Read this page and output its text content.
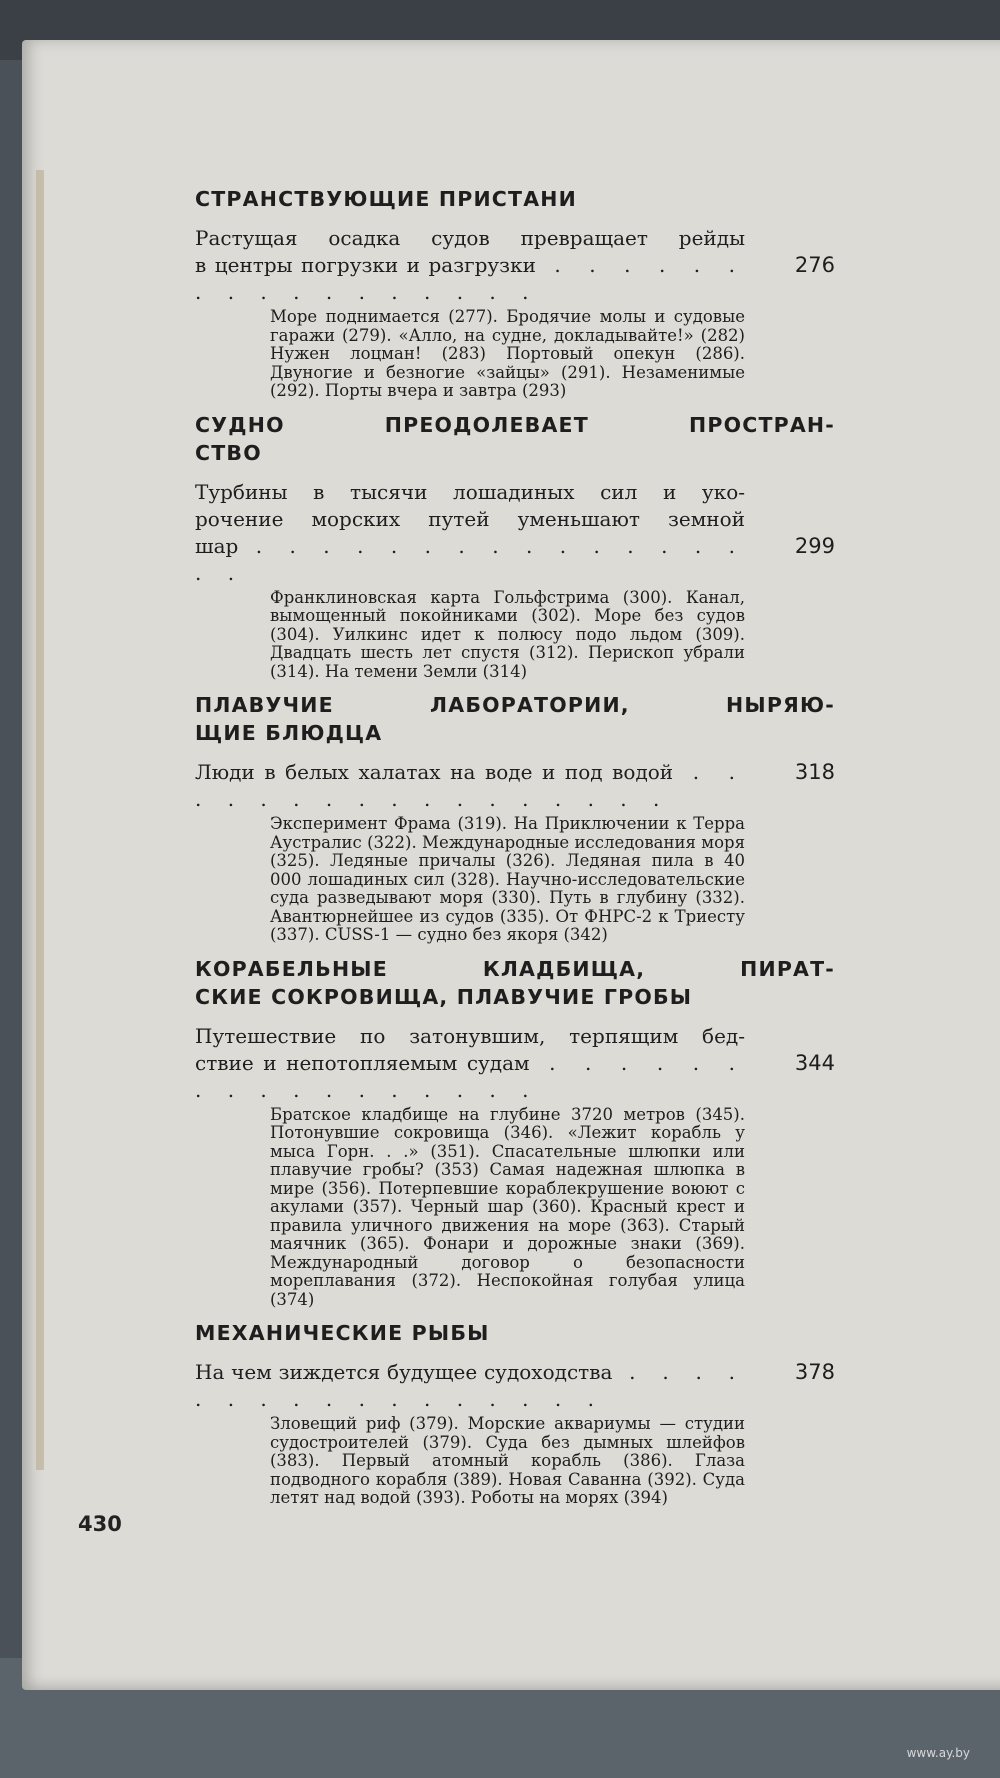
СТРАНСТВУЮЩИЕ ПРИСТАНИ
Растущая осадка судов превращает рейды
в центры погрузки и разгрузки . . . . . . . . . . . . . . . . .
276
Море поднимается (277). Бродячие молы и судовые гаражи (279). «Алло, на судне, докладывайте!» (282) Нужен лоцман! (283) Портовый опекун (286). Двуногие и безногие «зайцы» (291). Незаменимые (292). Порты вчера и завтра (293)
СУДНО ПРЕОДОЛЕВАЕТ ПРОСТРАН-
СТВО
Турбины в тысячи лошадиных сил и уко-
рочение морских путей уменьшают земной
шар . . . . . . . . . . . . . . . . .
299
Франклиновская карта Гольфстрима (300). Канал, вымощенный покойниками (302). Море без судов (304). Уилкинс идет к полюсу подо льдом (309). Двадцать шесть лет спустя (312). Перископ убрали (314). На темени Земли (314)
ПЛАВУЧИЕ ЛАБОРАТОРИИ, НЫРЯЮ-
ЩИЕ БЛЮДЦА
Люди в белых халатах на воде и под водой . . . . . . . . . . . . . . . . .
318
Эксперимент Фрама (319). На Приключении к Терра Аустралис (322). Международные исследования моря (325). Ледяные причалы (326). Ледяная пила в 40 000 лошадиных сил (328). Научно-исследовательские суда разведывают моря (330). Путь в глубину (332). Авантюрнейшее из судов (335). От ФНРС-2 к Триесту (337). CUSS-1 — судно без якоря (342)
КОРАБЕЛЬНЫЕ КЛАДБИЩА, ПИРАТ-
СКИЕ СОКРОВИЩА, ПЛАВУЧИЕ ГРОБЫ
Путешествие по затонувшим, терпящим бед-
ствие и непотопляемым судам . . . . . . . . . . . . . . . . .
344
Братское кладбище на глубине 3720 метров (345). Потонувшие сокровища (346). «Лежит корабль у мыса Горн. . .» (351). Спасательные шлюпки или плавучие гробы? (353) Самая надежная шлюпка в мире (356). Потерпевшие кораблекрушение воюют с акулами (357). Черный шар (360). Красный крест и правила уличного движения на море (363). Старый маячник (365). Фонари и дорожные знаки (369). Международный договор о безопасности мореплавания (372). Неспокойная голубая улица (374)
МЕХАНИЧЕСКИЕ РЫБЫ
На чем зиждется будущее судоходства . . . . . . . . . . . . . . . . .
378
Зловещий риф (379). Морские аквариумы — студии судостроителей (379). Суда без дымных шлейфов (383). Первый атомный корабль (386). Глаза подводного корабля (389). Новая Саванна (392). Суда летят над водой (393). Роботы на морях (394)
430
www.ay.by
